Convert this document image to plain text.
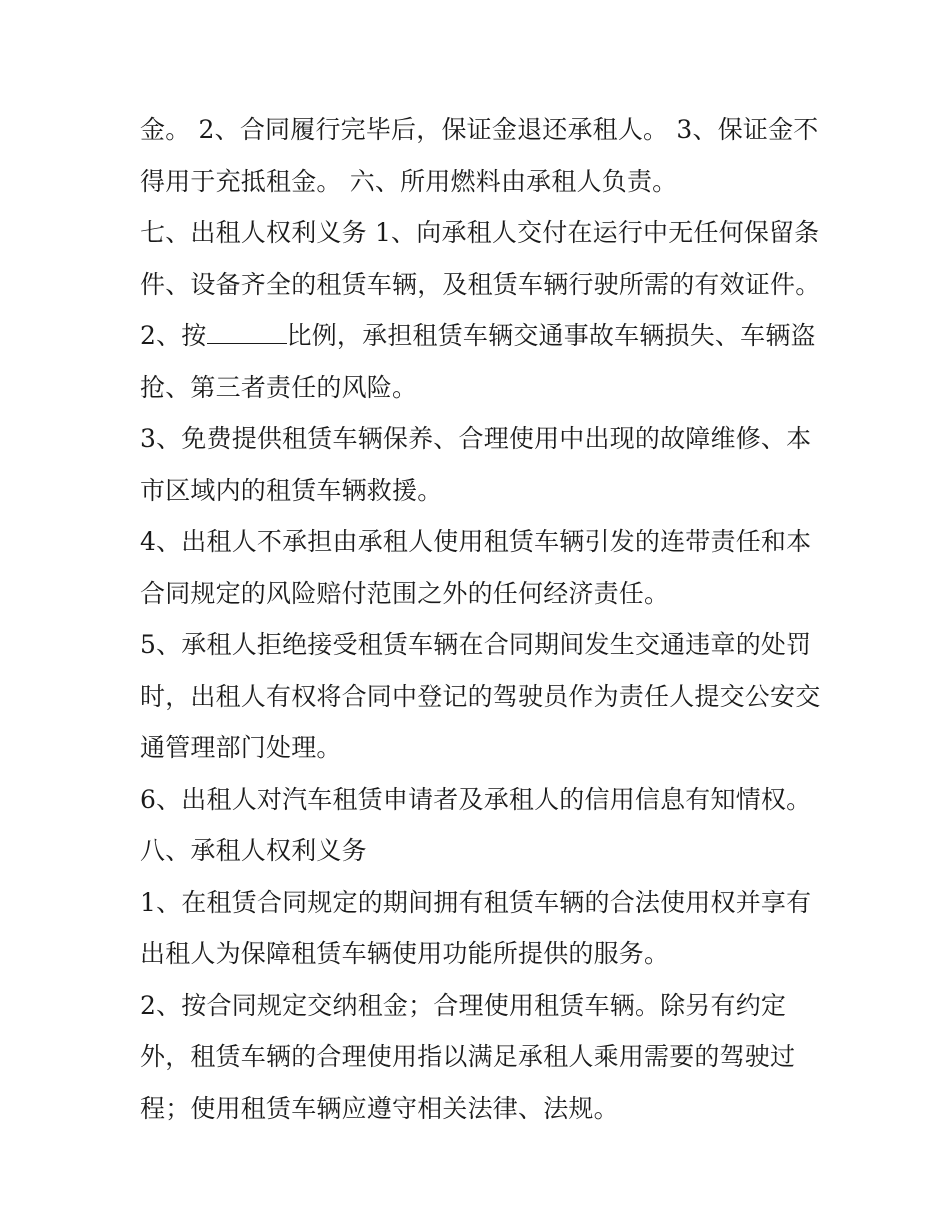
金。 2、合同履行完毕后，保证金退还承租人。 3、保证金不
得用于充抵租金。 六、所用燃料由承租人负责。
七、出租人权利义务 1、向承租人交付在运行中无任何保留条
件、设备齐全的租赁车辆，及租赁车辆行驶所需的有效证件。
2、按	比例，承担租赁车辆交通事故车辆损失、车辆盗
抢、第三者责任的风险。
3、免费提供租赁车辆保养、合理使用中出现的故障维修、本
市区域内的租赁车辆救援。
4、出租人不承担由承租人使用租赁车辆引发的连带责任和本
合同规定的风险赔付范围之外的任何经济责任。
5、承租人拒绝接受租赁车辆在合同期间发生交通违章的处罚
时，出租人有权将合同中登记的驾驶员作为责任人提交公安交
通管理部门处理。
6、出租人对汽车租赁申请者及承租人的信用信息有知情权。
八、承租人权利义务
1、在租赁合同规定的期间拥有租赁车辆的合法使用权并享有
出租人为保障租赁车辆使用功能所提供的服务。
2、按合同规定交纳租金；合理使用租赁车辆。除另有约定
外，租赁车辆的合理使用指以满足承租人乘用需要的驾驶过
程；使用租赁车辆应遵守相关法律、法规。
